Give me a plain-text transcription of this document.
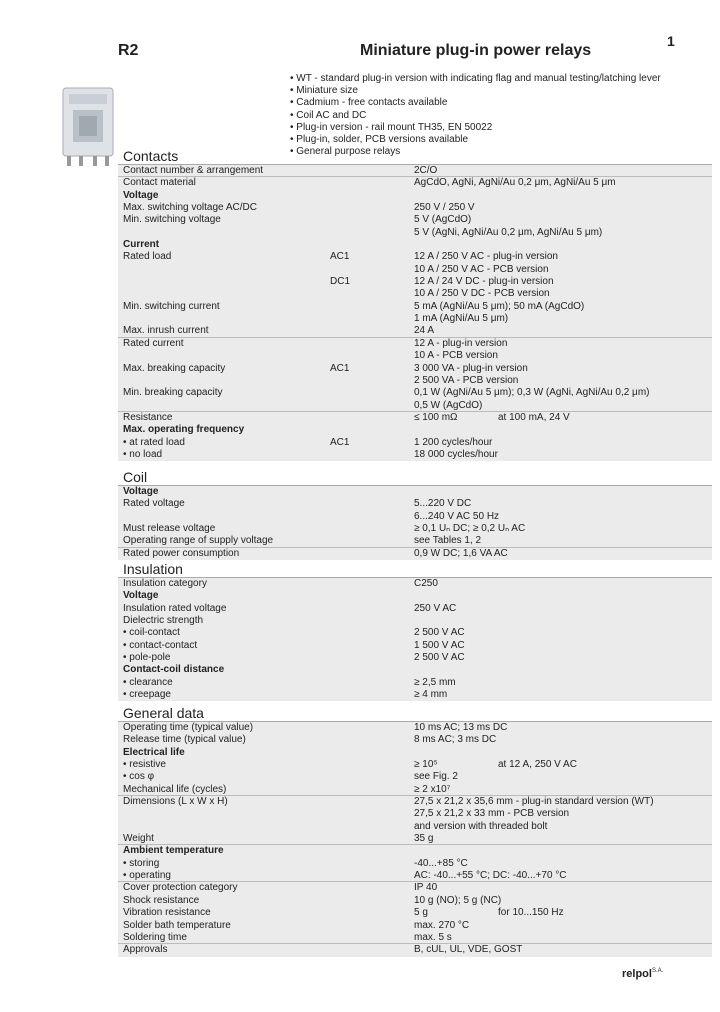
R2	Miniature plug-in power relays
1
• WT - standard plug-in version with indicating flag and manual testing/latching lever
• Miniature size
• Cadmium - free contacts available
• Coil AC and DC
• Plug-in version - rail mount TH35, EN 50022
• Plug-in, solder, PCB versions available
• General purpose relays
Contacts
Contact number & arrangement	2C/O
Contact material	AgCdO, AgNi, AgNi/Au 0,2 μm, AgNi/Au 5 μm
Voltage
Max. switching voltage AC/DC	250 V / 250 V
Min. switching voltage	5 V (AgCdO)
5 V (AgNi, AgNi/Au 0,2 μm, AgNi/Au 5 μm)
Current
Rated load	AC1	12 A / 250 V AC - plug-in version
10 A / 250 V AC - PCB version
DC1	12 A / 24 V DC - plug-in version
10 A / 250 V DC - PCB version
Min. switching current	5 mA (AgNi/Au 5 μm); 50 mA (AgCdO)
1 mA (AgNi/Au 5 μm)
Max. inrush current	24 A
Rated current	12 A - plug-in version
10 A - PCB version
Max. breaking capacity	AC1	3 000 VA - plug-in version
2 500 VA - PCB version
Min. breaking capacity	0,1 W (AgNi/Au 5 μm); 0,3 W (AgNi, AgNi/Au 0,2 μm)
0,5 W (AgCdO)
Resistance	≤ 100 mΩ	at 100 mA, 24 V
Max. operating frequency
• at rated load	AC1	1 200 cycles/hour
• no load	18 000 cycles/hour
Coil
Voltage
Rated voltage	5...220 V DC
6...240 V AC 50 Hz
Must release voltage	≥ 0,1 Uₙ DC; ≥ 0,2 Uₙ AC
Operating range of supply voltage	see Tables 1, 2
Rated power consumption	0,9 W DC; 1,6 VA AC
Insulation
Insulation category	C250
Voltage
Insulation rated voltage	250 V AC
Dielectric strength
• coil-contact	2 500 V AC
• contact-contact	1 500 V AC
• pole-pole	2 500 V AC
Contact-coil distance
• clearance	≥ 2,5 mm
• creepage	≥ 4 mm
General data
Operating time (typical value)	10 ms AC; 13 ms DC
Release time (typical value)	8 ms AC; 3 ms DC
Electrical life
• resistive	≥ 10⁵	at 12 A, 250 V AC
• cos φ	see Fig. 2
Mechanical life (cycles)	≥ 2 x10⁷
Dimensions (L x W x H)	27,5 x 21,2 x 35,6 mm - plug-in standard version (WT)
27,5 x 21,2 x 33 mm - PCB version
and version with threaded bolt
Weight	35 g
Ambient temperature
• storing	-40...+85 °C
• operating	AC: -40...+55 °C; DC: -40...+70 °C
Cover protection category	IP 40
Shock resistance	10 g (NO); 5 g (NC)
Vibration resistance	5 g	for 10...150 Hz
Solder bath temperature	max. 270 °C
Soldering time	max. 5 s
Approvals	B, cUL, UL, VDE, GOST
relpol$^{S.A.}$
